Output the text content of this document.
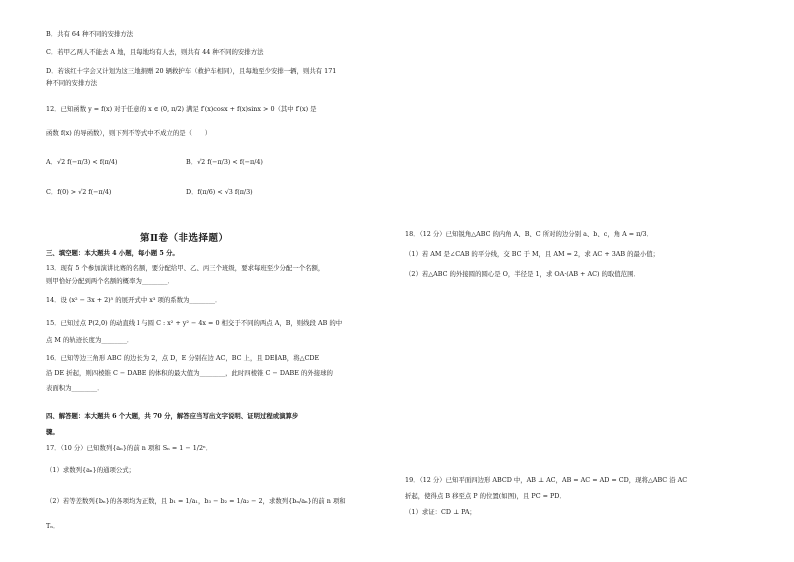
B．共有 64 种不同的安排方法
C．若甲乙两人不能去 A 地，且每地均有人去，则共有 44 种不同的安排方法
D．若该红十字会又计划为这三地捐赠 20 辆救护车（救护车相同），且每地至少安排一辆，则共有 171
种不同的安排方法
12．已知函数 y = f(x) 对于任意的 x ∈ (0, π/2) 满足 f′(x)cosx + f(x)sinx > 0（其中 f′(x) 是
函数 f(x) 的导函数），则下列不等式中不成立的是（　　）
A．√2 f(−π/3) < f(π/4)	B．√2 f(−π/3) < f(−π/4)
C．f(0) > √2 f(−π/4)	D．f(π/6) < √3 f(π/3)
第Ⅱ卷（非选择题）
三、填空题：本大题共 4 小题，每小题 5 分。
13．现有 5 个参加演讲比赛的名额，要分配给甲、乙、丙三个班级，要求每班至少分配一个名额，
则甲恰好分配到两个名额的概率为________．
14．设 (x² − 3x + 2)⁵ 的展开式中 x³ 项的系数为________．
15．已知过点 P(2,0) 的动直线 l 与圆 C : x² + y² − 4x = 0 相交于不同的两点 A，B，则线段 AB 的中
点 M 的轨迹长度为________．
16．已知等边三角形 ABC 的边长为 2，点 D，E 分别在边 AC，BC 上，且 DE∥AB，将△CDE
沿 DE 折起，则四棱锥 C − DABE 的体积的最大值为________，此时四棱锥 C − DABE 的外接球的
表面积为________．
四、解答题：本大题共 6 个大题，共 70 分，解答应当写出文字说明、证明过程或演算步
骤。
17．（10 分）已知数列{aₙ}的前 n 项和 Sₙ = 1 − 1/2ⁿ．
（1）求数列{aₙ}的通项公式；
（2）若等差数列{bₙ}的各项均为正数，且 b₁ = 1/a₁，b₃ − b₂ = 1/a₂ − 2，求数列{bₙ/aₙ}的前 n 项和
Tₙ．
18．（12 分）已知锐角△ABC 的内角 A、B、C 所对的边分别 a、b、c，角 A = π/3．
（1）若 AM 是∠CAB 的平分线，交 BC 于 M，且 AM = 2，求 AC + 3AB 的最小值；
（2）若△ABC 的外接圆的圆心是 O，半径是 1，求 OA·(AB + AC) 的取值范围．
19．（12 分）已知平面四边形 ABCD 中，AB ⊥ AC，AB = AC = AD = CD，现将△ABC 沿 AC
折起，使得点 B 移至点 P 的位置(如图)，且 PC = PD．
（1）求证：CD ⊥ PA；
